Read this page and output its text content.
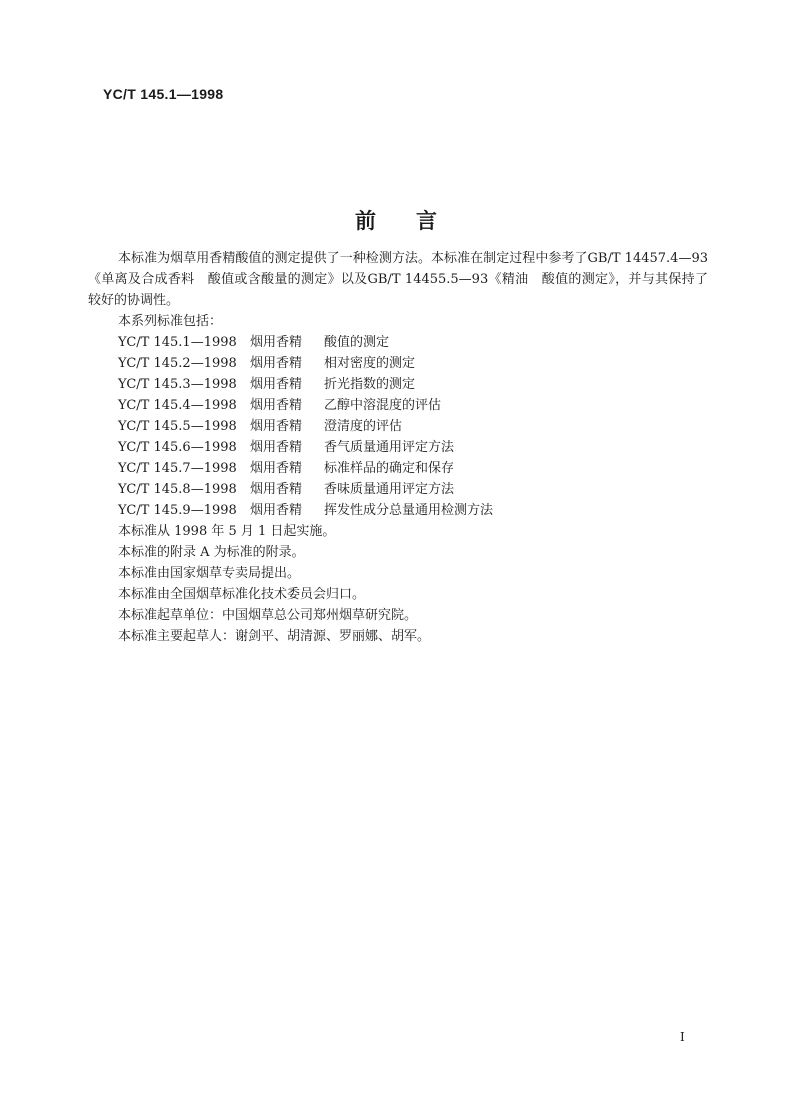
YC/T 145.1—1998
前言

本标准为烟草用香精酸值的测定提供了一种检测方法。本标准在制定过程中参考了GB/T 14457.4—93《单离及合成香料　酸值或含酸量的测定》以及GB/T 14455.5—93《精油　酸值的测定》，并与其保持了较好的协调性。

本系列标准包括：

YC/T 145.1—1998	烟用香精	酸值的测定
YC/T 145.2—1998	烟用香精	相对密度的测定
YC/T 145.3—1998	烟用香精	折光指数的测定
YC/T 145.4—1998	烟用香精	乙醇中溶混度的评估
YC/T 145.5—1998	烟用香精	澄清度的评估
YC/T 145.6—1998	烟用香精	香气质量通用评定方法
YC/T 145.7—1998	烟用香精	标准样品的确定和保存
YC/T 145.8—1998	烟用香精	香味质量通用评定方法
YC/T 145.9—1998	烟用香精	挥发性成分总量通用检测方法

本标准从 1998 年 5 月 1 日起实施。

本标准的附录 A 为标准的附录。

本标准由国家烟草专卖局提出。

本标准由全国烟草标准化技术委员会归口。

本标准起草单位：中国烟草总公司郑州烟草研究院。

本标准主要起草人：谢剑平、胡清源、罗丽娜、胡军。

I
